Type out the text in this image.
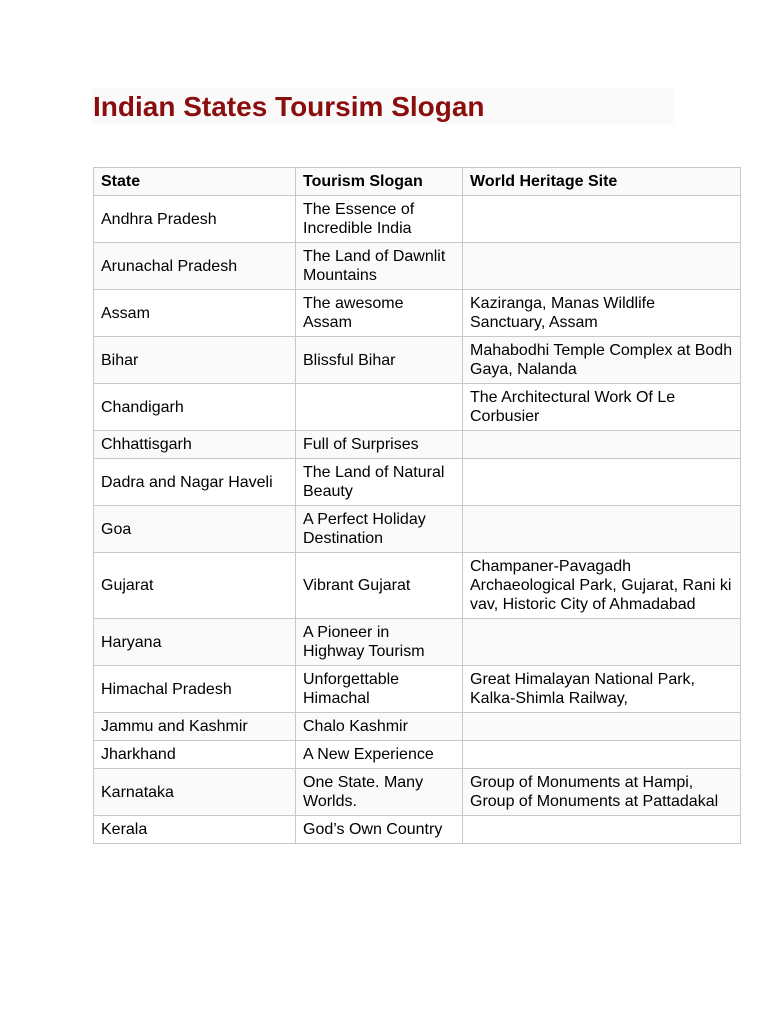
Indian States Toursim Slogan
State	Tourism Slogan	World Heritage Site
Andhra Pradesh	The Essence of Incredible India	
Arunachal Pradesh	The Land of Dawnlit Mountains	
Assam	The awesome Assam	Kaziranga, Manas Wildlife Sanctuary, Assam
Bihar	Blissful Bihar	Mahabodhi Temple Complex at Bodh Gaya, Nalanda
Chandigarh		The Architectural Work Of Le Corbusier
Chhattisgarh	Full of Surprises	
Dadra and Nagar Haveli	The Land of Natural Beauty	
Goa	A Perfect Holiday Destination	
Gujarat	Vibrant Gujarat	Champaner-Pavagadh Archaeological Park, Gujarat, Rani ki vav, Historic City of Ahmadabad
Haryana	A Pioneer in Highway Tourism	
Himachal Pradesh	Unforgettable Himachal	Great Himalayan National Park, Kalka-Shimla Railway,
Jammu and Kashmir	Chalo Kashmir	
Jharkhand	A New Experience	
Karnataka	One State. Many Worlds.	Group of Monuments at Hampi, Group of Monuments at Pattadakal
Kerala	God’s Own Country	
